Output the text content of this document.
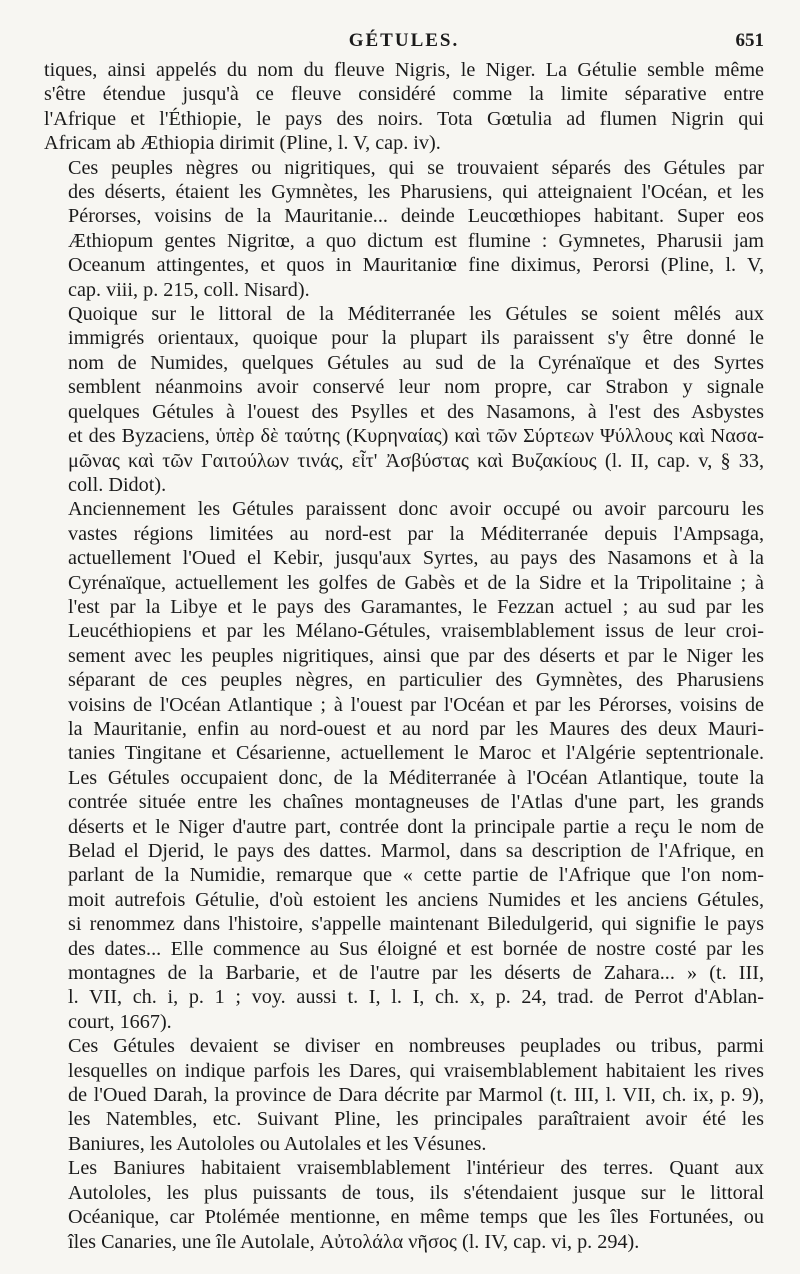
GÉTULES.	651

tiques, ainsi appelés du nom du fleuve Nigris, le Niger. La Gétulie semble même
s'être étendue jusqu'à ce fleuve considéré comme la limite séparative entre
l'Afrique et l'Éthiopie, le pays des noirs. Tota Gœtulia ad flumen Nigrin qui
Africam ab Æthiopia dirimit (Pline, l. V, cap. iv).

Ces peuples nègres ou nigritiques, qui se trouvaient séparés des Gétules par
des déserts, étaient les Gymnètes, les Pharusiens, qui atteignaient l'Océan, et les
Pérorses, voisins de la Mauritanie... deinde Leucœthiopes habitant. Super eos
Æthiopum gentes Nigritœ, a quo dictum est flumine : Gymnetes, Pharusii jam
Oceanum attingentes, et quos in Mauritaniœ fine diximus, Perorsi (Pline, l. V,
cap. viii, p. 215, coll. Nisard).

Quoique sur le littoral de la Méditerranée les Gétules se soient mêlés aux
immigrés orientaux, quoique pour la plupart ils paraissent s'y être donné le
nom de Numides, quelques Gétules au sud de la Cyrénaïque et des Syrtes
semblent néanmoins avoir conservé leur nom propre, car Strabon y signale
quelques Gétules à l'ouest des Psylles et des Nasamons, à l'est des Asbystes
et des Byzaciens, ὑπὲρ δὲ ταύτης (Κυρηναίας) καὶ τῶν Σύρτεων Ψύλλους καὶ Νασα-
μῶνας καὶ τῶν Γαιτούλων τινάς, εἶτ' Ἀσβύστας καὶ Βυζακίους (l. II, cap. v, § 33,
coll. Didot).

Anciennement les Gétules paraissent donc avoir occupé ou avoir parcouru les
vastes régions limitées au nord-est par la Méditerranée depuis l'Ampsaga,
actuellement l'Oued el Kebir, jusqu'aux Syrtes, au pays des Nasamons et à la
Cyrénaïque, actuellement les golfes de Gabès et de la Sidre et la Tripolitaine ; à
l'est par la Libye et le pays des Garamantes, le Fezzan actuel ; au sud par les
Leucéthiopiens et par les Mélano-Gétules, vraisemblablement issus de leur croi-
sement avec les peuples nigritiques, ainsi que par des déserts et par le Niger les
séparant de ces peuples nègres, en particulier des Gymnètes, des Pharusiens
voisins de l'Océan Atlantique ; à l'ouest par l'Océan et par les Pérorses, voisins de
la Mauritanie, enfin au nord-ouest et au nord par les Maures des deux Mauri-
tanies Tingitane et Césarienne, actuellement le Maroc et l'Algérie septentrionale.
Les Gétules occupaient donc, de la Méditerranée à l'Océan Atlantique, toute la
contrée située entre les chaînes montagneuses de l'Atlas d'une part, les grands
déserts et le Niger d'autre part, contrée dont la principale partie a reçu le nom de
Belad el Djerid, le pays des dattes. Marmol, dans sa description de l'Afrique, en
parlant de la Numidie, remarque que « cette partie de l'Afrique que l'on nom-
moit autrefois Gétulie, d'où estoient les anciens Numides et les anciens Gétules,
si renommez dans l'histoire, s'appelle maintenant Biledulgerid, qui signifie le pays
des dates... Elle commence au Sus éloigné et est bornée de nostre costé par les
montagnes de la Barbarie, et de l'autre par les déserts de Zahara... » (t. III,
l. VII, ch. i, p. 1 ; voy. aussi t. I, l. I, ch. x, p. 24, trad. de Perrot d'Ablan-
court, 1667).

Ces Gétules devaient se diviser en nombreuses peuplades ou tribus, parmi
lesquelles on indique parfois les Dares, qui vraisemblablement habitaient les rives
de l'Oued Darah, la province de Dara décrite par Marmol (t. III, l. VII, ch. ix, p. 9),
les Natembles, etc. Suivant Pline, les principales paraîtraient avoir été les
Baniures, les Autololes ou Autolales et les Vésunes.

Les Baniures habitaient vraisemblablement l'intérieur des terres. Quant aux
Autololes, les plus puissants de tous, ils s'étendaient jusque sur le littoral
Océanique, car Ptolémée mentionne, en même temps que les îles Fortunées, ou
îles Canaries, une île Autolale, Αὐτολάλα νῆσος (l. IV, cap. vi, p. 294).
